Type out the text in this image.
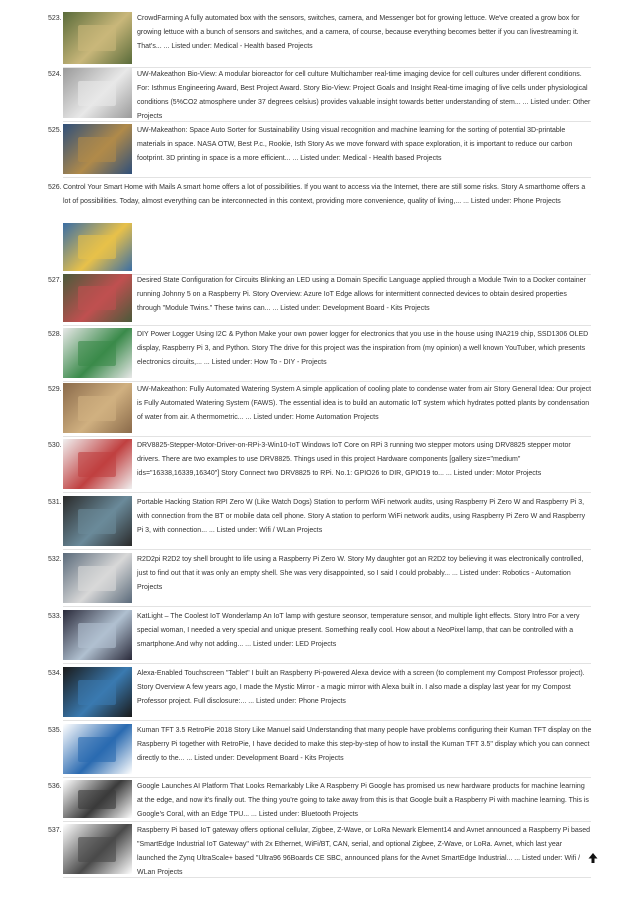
523.	CrowdFarming A fully automated box with the sensors, switches, camera, and Messenger bot for growing lettuce. We've created a grow box for growing lettuce with a bunch of sensors and switches, and a camera, of course, because everything becomes better if you can livestreaming it. That's... ... Listed under: Medical - Health based Projects
524.	UW-Makeathon Bio-View: A modular bioreactor for cell culture Multichamber real-time imaging device for cell cultures under different conditions. For: Isthmus Engineering Award, Best Project Award. Story Bio-View: Project Goals and Insight Real-time imaging of live cells under physiological conditions (5%CO2 atmosphere under 37 degrees celsius) provides valuable insight towards better understanding of stem... ... Listed under: Other Projects
525.	UW-Makeathon: Space Auto Sorter for Sustainability Using visual recognition and machine learning for the sorting of potential 3D-printable materials in space. NASA OTW, Best P.c., Rookie, Isth Story As we move forward with space exploration, it is important to reduce our carbon footprint. 3D printing in space is a more efficient... ... Listed under: Medical - Health based Projects
526. Control Your Smart Home with Mails A smart home offers a lot of possibilities. If you want to access via the Internet, there are still some risks. Story A smarthome offers a lot of possibilities. Today, almost everything can be interconnected in this context, providing more convenience, quality of living,... ... Listed under: Phone Projects
527.	Desired State Configuration for Circuits Blinking an LED using a Domain Specific Language applied through a Module Twin to a Docker container running Johnny 5 on a Raspberry Pi. Story Overview: Azure IoT Edge allows for intermittent connected devices to obtain desired properties through "Module Twins." These twins can... ... Listed under: Development Board - Kits Projects
528.	DIY Power Logger Using I2C & Python Make your own power logger for electronics that you use in the house using INA219 chip, SSD1306 OLED display, Raspberry Pi 3, and Python. Story The drive for this project was the inspiration from (my opinion) a well known YouTuber, which presents electronics circuits,... ... Listed under: How To - DIY - Projects
529.	UW-Makeathon: Fully Automated Watering System A simple application of cooling plate to condense water from air Story General Idea: Our project is Fully Automated Watering System (FAWS). The essential idea is to build an automatic IoT system which hydrates potted plants by condensation of water from air. A thermometric... ... Listed under: Home Automation Projects
530.	DRV8825-Stepper-Motor-Driver-on-RPi-3-Win10-IoT Windows IoT Core on RPi 3 running two stepper motors using DRV8825 stepper motor drivers. There are two examples to use DRV8825. Things used in this project Hardware components [gallery size="medium" ids="16338,16339,16340"] Story Connect two DRV8825 to RPi. No.1: GPIO26 to DIR, GPIO19 to... ... Listed under: Motor Projects
531.	Portable Hacking Station RPI Zero W (Like Watch Dogs) Station to perform WiFi network audits, using Raspberry Pi Zero W and Raspberry Pi 3, with connection from the BT or mobile data cell phone. Story A station to perform WiFi network audits, using Raspberry Pi Zero W and Raspberry Pi 3, with connection... ... Listed under: Wifi / WLan Projects
532.	R2D2pi R2D2 toy shell brought to life using a Raspberry Pi Zero W. Story My daughter got an R2D2 toy believing it was electronically controlled, just to find out that it was only an empty shell. She was very disappointed, so I said I could probably... ... Listed under: Robotics - Automation Projects
533.	KatLight – The Coolest IoT Wonderlamp An IoT lamp with gesture seonsor, temperature sensor, and multiple light effects. Story Intro For a very special woman, I needed a very special and unique present. Something really cool. How about a NeoPixel lamp, that can be controlled with a smartphone.And why not adding... ... Listed under: LED Projects
534.	Alexa-Enabled Touchscreen "Tablet" I built an Raspberry Pi-powered Alexa device with a screen (to complement my Compost Professor project). Story Overview A few years ago, I made the Mystic Mirror - a magic mirror with Alexa built in. I also made a display last year for my Compost Professor project. Full disclosure:... ... Listed under: Phone Projects
535.	Kuman TFT 3.5 RetroPie 2018 Story Like Manuel said Understanding that many people have problems configuring their Kuman TFT display on the Raspberry Pi together with RetroPie, I have decided to make this step-by-step of how to install the Kuman TFT 3.5" display which you can connect directly to the... ... Listed under: Development Board - Kits Projects
536.	Google Launches AI Platform That Looks Remarkably Like A Raspberry Pi Google has promised us new hardware products for machine learning at the edge, and now it's finally out. The thing you're going to take away from this is that Google built a Raspberry Pi with machine learning. This is Google's Coral, with an Edge TPU... ... Listed under: Bluetooth Projects
537.	Raspberry Pi based IoT gateway offers optional cellular, Zigbee, Z-Wave, or LoRa Newark Element14 and Avnet announced a Raspberry Pi based "SmartEdge Industrial IoT Gateway" with 2x Ethernet, WiFi/BT, CAN, serial, and optional Zigbee, Z-Wave, or LoRa. Avnet, which last year launched the Zynq UltraScale+ based "Ultra96 96Boards CE SBC, announced plans for the Avnet SmartEdge Industrial... ... Listed under: Wifi / WLan Projects
